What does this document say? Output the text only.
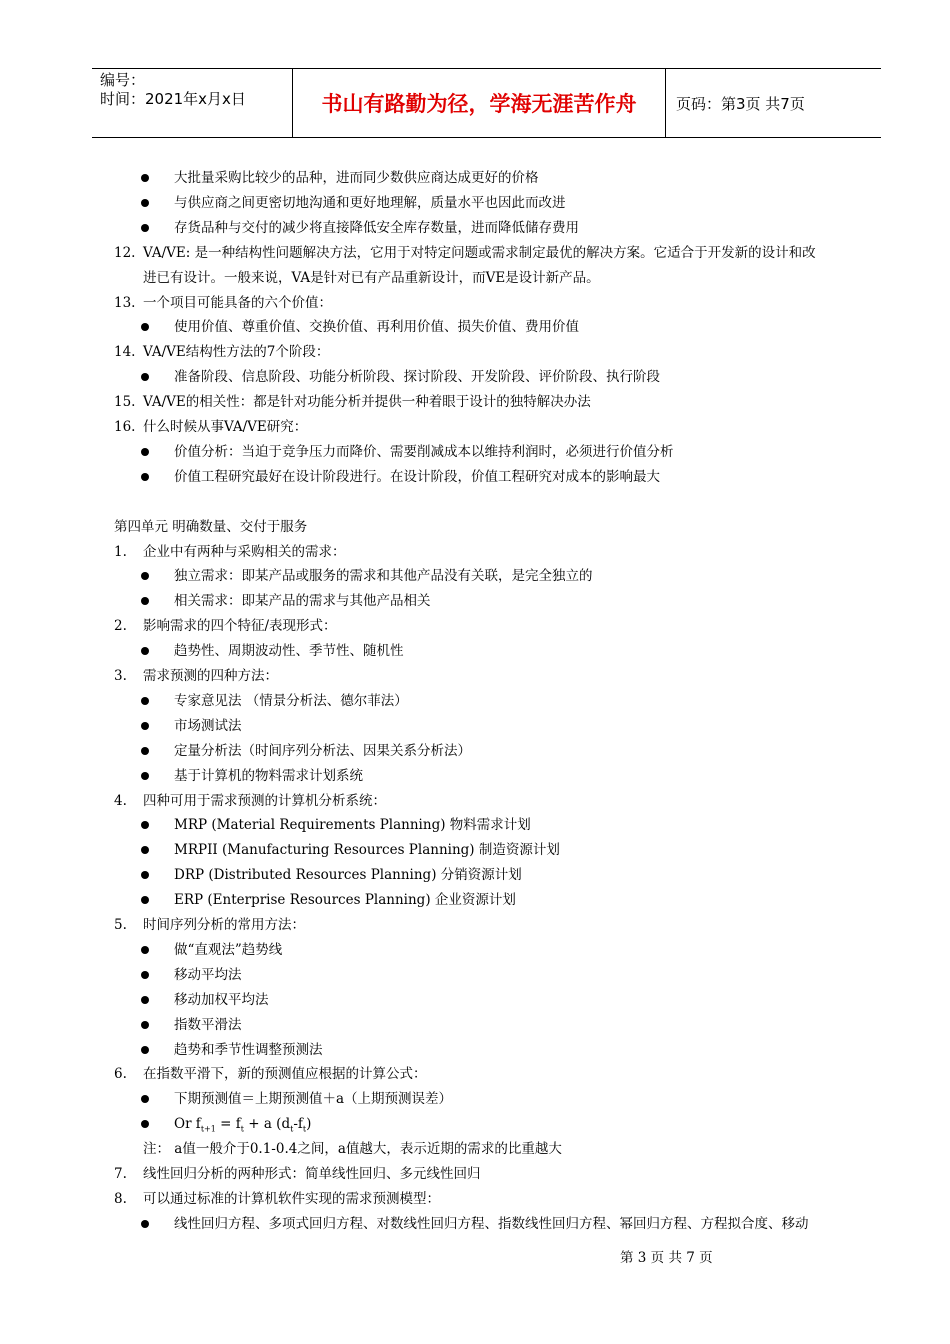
编号：
时间：2021年x月x日	书山有路勤为径，学海无涯苦作舟	页码：第3页 共7页
大批量采购比较少的品种，进而同少数供应商达成更好的价格
与供应商之间更密切地沟通和更好地理解，质量水平也因此而改进
存货品种与交付的减少将直接降低安全库存数量，进而降低储存费用
12. VA/VE: 是一种结构性问题解决方法，它用于对特定问题或需求制定最优的解决方案。它适合于开发新的设计和改
进已有设计。一般来说，VA是针对已有产品重新设计，而VE是设计新产品。
13. 一个项目可能具备的六个价值：
使用价值、尊重价值、交换价值、再利用价值、损失价值、费用价值
14. VA/VE结构性方法的7个阶段：
准备阶段、信息阶段、功能分析阶段、探讨阶段、开发阶段、评价阶段、执行阶段
15. VA/VE的相关性：都是针对功能分析并提供一种着眼于设计的独特解决办法
16. 什么时候从事VA/VE研究：
价值分析：当迫于竞争压力而降价、需要削减成本以维持利润时，必须进行价值分析
价值工程研究最好在设计阶段进行。在设计阶段，价值工程研究对成本的影响最大
第四单元 明确数量、交付于服务
1. 企业中有两种与采购相关的需求：
独立需求：即某产品或服务的需求和其他产品没有关联，是完全独立的
相关需求：即某产品的需求与其他产品相关
2. 影响需求的四个特征/表现形式：
趋势性、周期波动性、季节性、随机性
3. 需求预测的四种方法：
专家意见法 （情景分析法、德尔菲法）
市场测试法
定量分析法（时间序列分析法、因果关系分析法）
基于计算机的物料需求计划系统
4. 四种可用于需求预测的计算机分析系统：
MRP (Material Requirements Planning) 物料需求计划
MRPII (Manufacturing Resources Planning) 制造资源计划
DRP (Distributed Resources Planning) 分销资源计划
ERP (Enterprise Resources Planning) 企业资源计划
5. 时间序列分析的常用方法：
做“直观法”趋势线
移动平均法
移动加权平均法
指数平滑法
趋势和季节性调整预测法
6. 在指数平滑下，新的预测值应根据的计算公式：
下期预测值＝上期预测值＋a（上期预测误差）
Or $f_{t+1} = f_t + a$ $(d_t-f_t)$
注： a值一般介于0.1-0.4之间，a值越大，表示近期的需求的比重越大
7. 线性回归分析的两种形式：简单线性回归、多元线性回归
8. 可以通过标准的计算机软件实现的需求预测模型：
线性回归方程、多项式回归方程、对数线性回归方程、指数线性回归方程、幂回归方程、方程拟合度、移动
第 3 页 共 7 页
